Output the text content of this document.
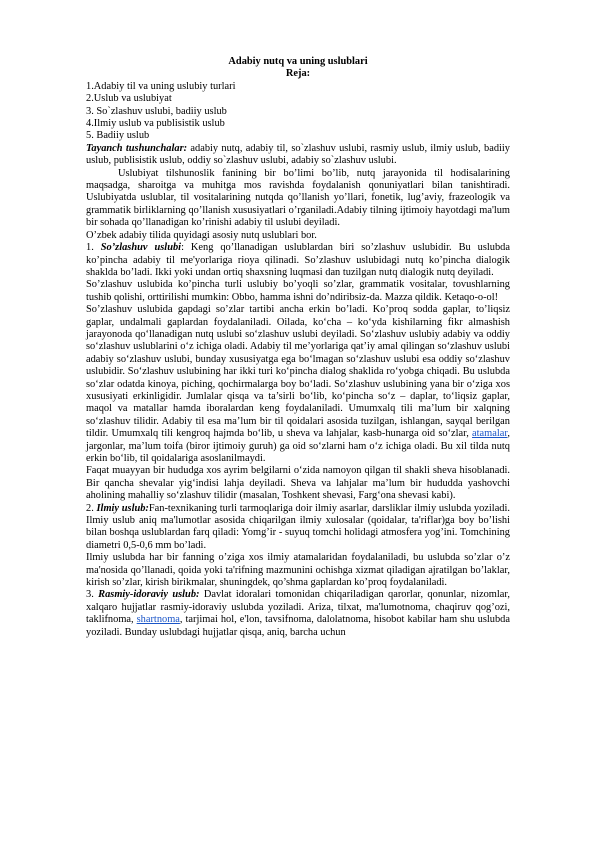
Adabiy nutq va uning uslublari
Reja:
1.Adabiy til va uning uslubiy turlari
2.Uslub va uslubiyat
3. So`zlashuv uslubi, badiiy uslub
4.Ilmiy uslub va publisistik uslub
5. Badiiy uslub

Tayanch tushunchalar: adabiy nutq, adabiy til, so`zlashuv uslubi, rasmiy uslub, ilmiy uslub, badiiy uslub, publisistik uslub, oddiy so`zlashuv uslubi, adabiy so`zlashuv uslubi.

Uslubiyat tilshunoslik fanining bir bo’limi bo’lib, nutq jarayonida til hodisalarining maqsadga, sharoitga va muhitga mos ravishda foydalanish qonuniyatlari bilan tanishtiradi. Uslubiyatda uslublar, til vositalarining nutqda qo’llanish yo’llari, fonetik, lug’aviy, frazeologik va grammatik birliklarning qo’llanish xususiyatlari o’rganiladi.Adabiy tilning ijtimoiy hayotdagi ma'lum bir sohada qo’llanadigan ko’rinishi adabiy til uslubi deyiladi.

O’zbek adabiy tilida quyidagi asosiy nutq uslublari bor.

1. So’zlashuv uslubi: Keng qo’llanadigan uslublardan biri so’zlashuv uslubidir. Bu uslubda ko’pincha adabiy til me'yorlariga rioya qilinadi. So’zlashuv uslubidagi nutq ko’pincha dialogik shaklda bo’ladi. Ikki yoki undan ortiq shaxsning luqmasi dan tuzilgan nutq dialogik nutq deyiladi.

So’zlashuv uslubida ko’pincha turli uslubiy bo’yoqli so’zlar, grammatik vositalar, tovushlarning tushib qolishi, orttirilishi mumkin: Obbo, hamma ishni do’ndiribsiz-da. Mazza qildik. Ketaqo-o-ol!

So’zlashuv uslubida gapdagi so’zlar tartibi ancha erkin bo’ladi. Ko’proq sodda gaplar, to’liqsiz gaplar, undalmali gaplardan foydalaniladi. Oilada, ko‘cha – ko‘yda kishilarning fikr almashish jarayonoda qo‘llanadigan nutq uslubi so‘zlashuv uslubi deyiladi. So‘zlashuv uslubiy adabiy va oddiy so‘zlashuv uslublarini o‘z ichiga oladi. Adabiy til me’yorlariga qat’iy amal qilingan so‘zlashuv uslubi adabiy so‘zlashuv uslubi, bunday xususiyatga ega bo‘lmagan so‘zlashuv uslubi esa oddiy so‘zlashuv uslubidir. So‘zlashuv uslubining har ikki turi ko‘pincha dialog shaklida ro‘yobga chiqadi. Bu uslubda so‘zlar odatda kinoya, piching, qochirmalarga boy bo‘ladi. So‘zlashuv uslubining yana bir o‘ziga xos xususiyati erkinligidir. Jumlalar qisqa va ta’sirli bo‘lib, ko‘pincha so‘z – daplar, to‘liqsiz gaplar, maqol va matallar hamda iboralardan keng foydalaniladi. Umumxalq tili ma’lum bir xalqning so‘zlashuv tilidir. Adabiy til esa ma’lum bir til qoidalari asosida tuzilgan, ishlangan, sayqal berilgan tildir. Umumxalq tili kengroq hajmda bo‘lib, u sheva va lahjalar, kasb-hunarga oid so‘zlar, atamalar, jargonlar, ma’lum toifa (biror ijtimoiy guruh) ga oid so‘zlarni ham o‘z ichiga oladi. Bu xil tilda nutq erkin bo‘lib, til qoidalariga asoslanilmaydi.

Faqat muayyan bir hududga xos ayrim belgilarni o‘zida namoyon qilgan til shakli sheva hisoblanadi. Bir qancha shevalar yig‘indisi lahja deyiladi. Sheva va lahjalar ma’lum bir hududda yashovchi aholining mahalliy so‘zlashuv tilidir (masalan, Toshkent shevasi, Farg‘ona shevasi kabi).

2. Ilmiy uslub:Fan-texnikaning turli tarmoqlariga doir ilmiy asarlar, darsliklar ilmiy uslubda yoziladi. Ilmiy uslub aniq ma'lumotlar asosida chiqarilgan ilmiy xulosalar (qoidalar, ta'riflar)ga boy bo’lishi bilan boshqa uslublardan farq qiladi: Yomg’ir - suyuq tomchi holidagi atmosfera yog’ini. Tomchining diametri 0,5-0,6 mm bo’ladi.

Ilmiy uslubda har bir fanning o’ziga xos ilmiy atamalaridan foydalaniladi, bu uslubda so’zlar o’z ma'nosida qo’llanadi, qoida yoki ta'rifning mazmunini ochishga xizmat qiladigan ajratilgan bo’laklar, kirish so’zlar, kirish birikmalar, shuningdek, qo’shma gaplardan ko’proq foydalaniladi.

3. Rasmiy-idoraviy uslub: Davlat idoralari tomonidan chiqariladigan qarorlar, qonunlar, nizomlar, xalqaro hujjatlar rasmiy-idoraviy uslubda yoziladi. Ariza, tilxat, ma'lumotnoma, chaqiruv qog’ozi, taklifnoma, shartnoma, tarjimai hol, e'lon, tavsifnoma, dalolatnoma, hisobot kabilar ham shu uslubda yoziladi. Bunday uslubdagi hujjatlar qisqa, aniq, barcha uchun
